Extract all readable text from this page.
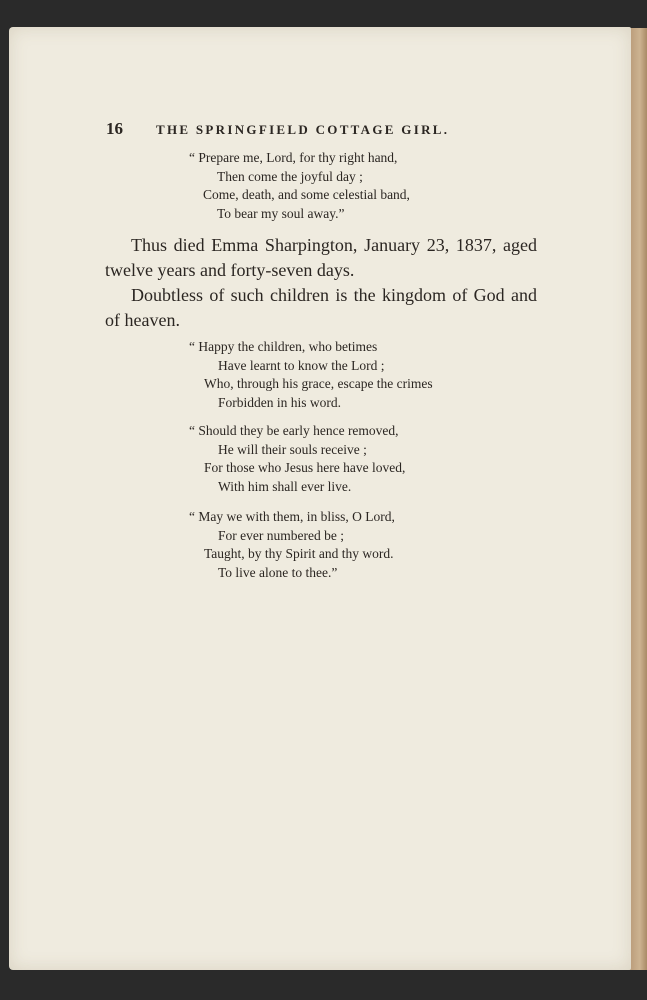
16	THE SPRINGFIELD COTTAGE GIRL.
“ Prepare me, Lord, for thy right hand,
Then come the joyful day ;
Come, death, and some celestial band,
To bear my soul away.”

Thus died Emma Sharpington, January 23, 1837, aged twelve years and forty-seven days.

Doubtless of such children is the kingdom of God and of heaven.

“ Happy the children, who betimes
Have learnt to know the Lord ;
Who, through his grace, escape the crimes
Forbidden in his word.
“ Should they be early hence removed,
He will their souls receive ;
For those who Jesus here have loved,
With him shall ever live.
“ May we with them, in bliss, O Lord,
For ever numbered be ;
Taught, by thy Spirit and thy word.
To live alone to thee.”
